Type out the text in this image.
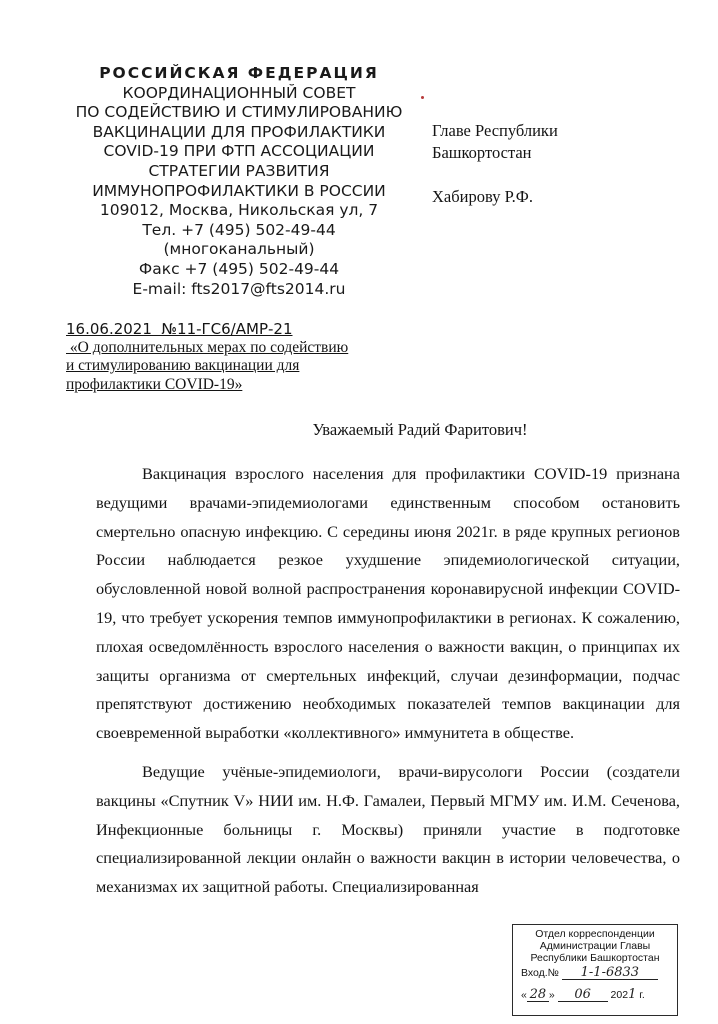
РОССИЙСКАЯ ФЕДЕРАЦИЯ
КООРДИНАЦИОННЫЙ СОВЕТ
ПО СОДЕЙСТВИЮ И СТИМУЛИРОВАНИЮ
ВАКЦИНАЦИИ ДЛЯ ПРОФИЛАКТИКИ
COVID-19 ПРИ ФТП АССОЦИАЦИИ
СТРАТЕГИИ РАЗВИТИЯ
ИММУНОПРОФИЛАКТИКИ В РОССИИ
109012, Москва, Никольская ул, 7
Тел. +7 (495) 502-49-44
(многоканальный)
Факс +7 (495) 502-49-44
E-mail: fts2017@fts2014.ru
Главе Республики
Башкортостан
Хабирову Р.Ф.
16.06.2021  №11-ГС6/АМР-21
«О дополнительных мерах по содействию
и стимулированию вакцинации для
профилактики COVID-19»
Уважаемый Радий Фаритович!

Вакцинация взрослого населения для профилактики COVID-19 признана ведущими врачами-эпидемиологами единственным способом остановить смертельно опасную инфекцию. С середины июня 2021г. в ряде крупных регионов России наблюдается резкое ухудшение эпидемиологической ситуации, обусловленной новой волной распространения коронавирусной инфекции COVID-19, что требует ускорения темпов иммунопрофилактики в регионах. К сожалению, плохая осведомлённость взрослого населения о важности вакцин, о принципах их защиты организма от смертельных инфекций, случаи дезинформации, подчас препятствуют достижению необходимых показателей темпов вакцинации для своевременной выработки «коллективного» иммунитета в обществе.

Ведущие учёные-эпидемиологи, врачи-вирусологи России (создатели вакцины «Спутник V» НИИ им. Н.Ф. Гамалеи, Первый МГМУ им. И.М. Сеченова, Инфекционные больницы г. Москвы) приняли участие в подготовке специализированной лекции онлайн о важности вакцин в истории человечества, о механизмах их защитной работы. Специализированная

Отдел корреспонденции
Администрации Главы
Республики Башкортостан
Вход.№ 1-1-6833
« 28 » 06 2021 г.
